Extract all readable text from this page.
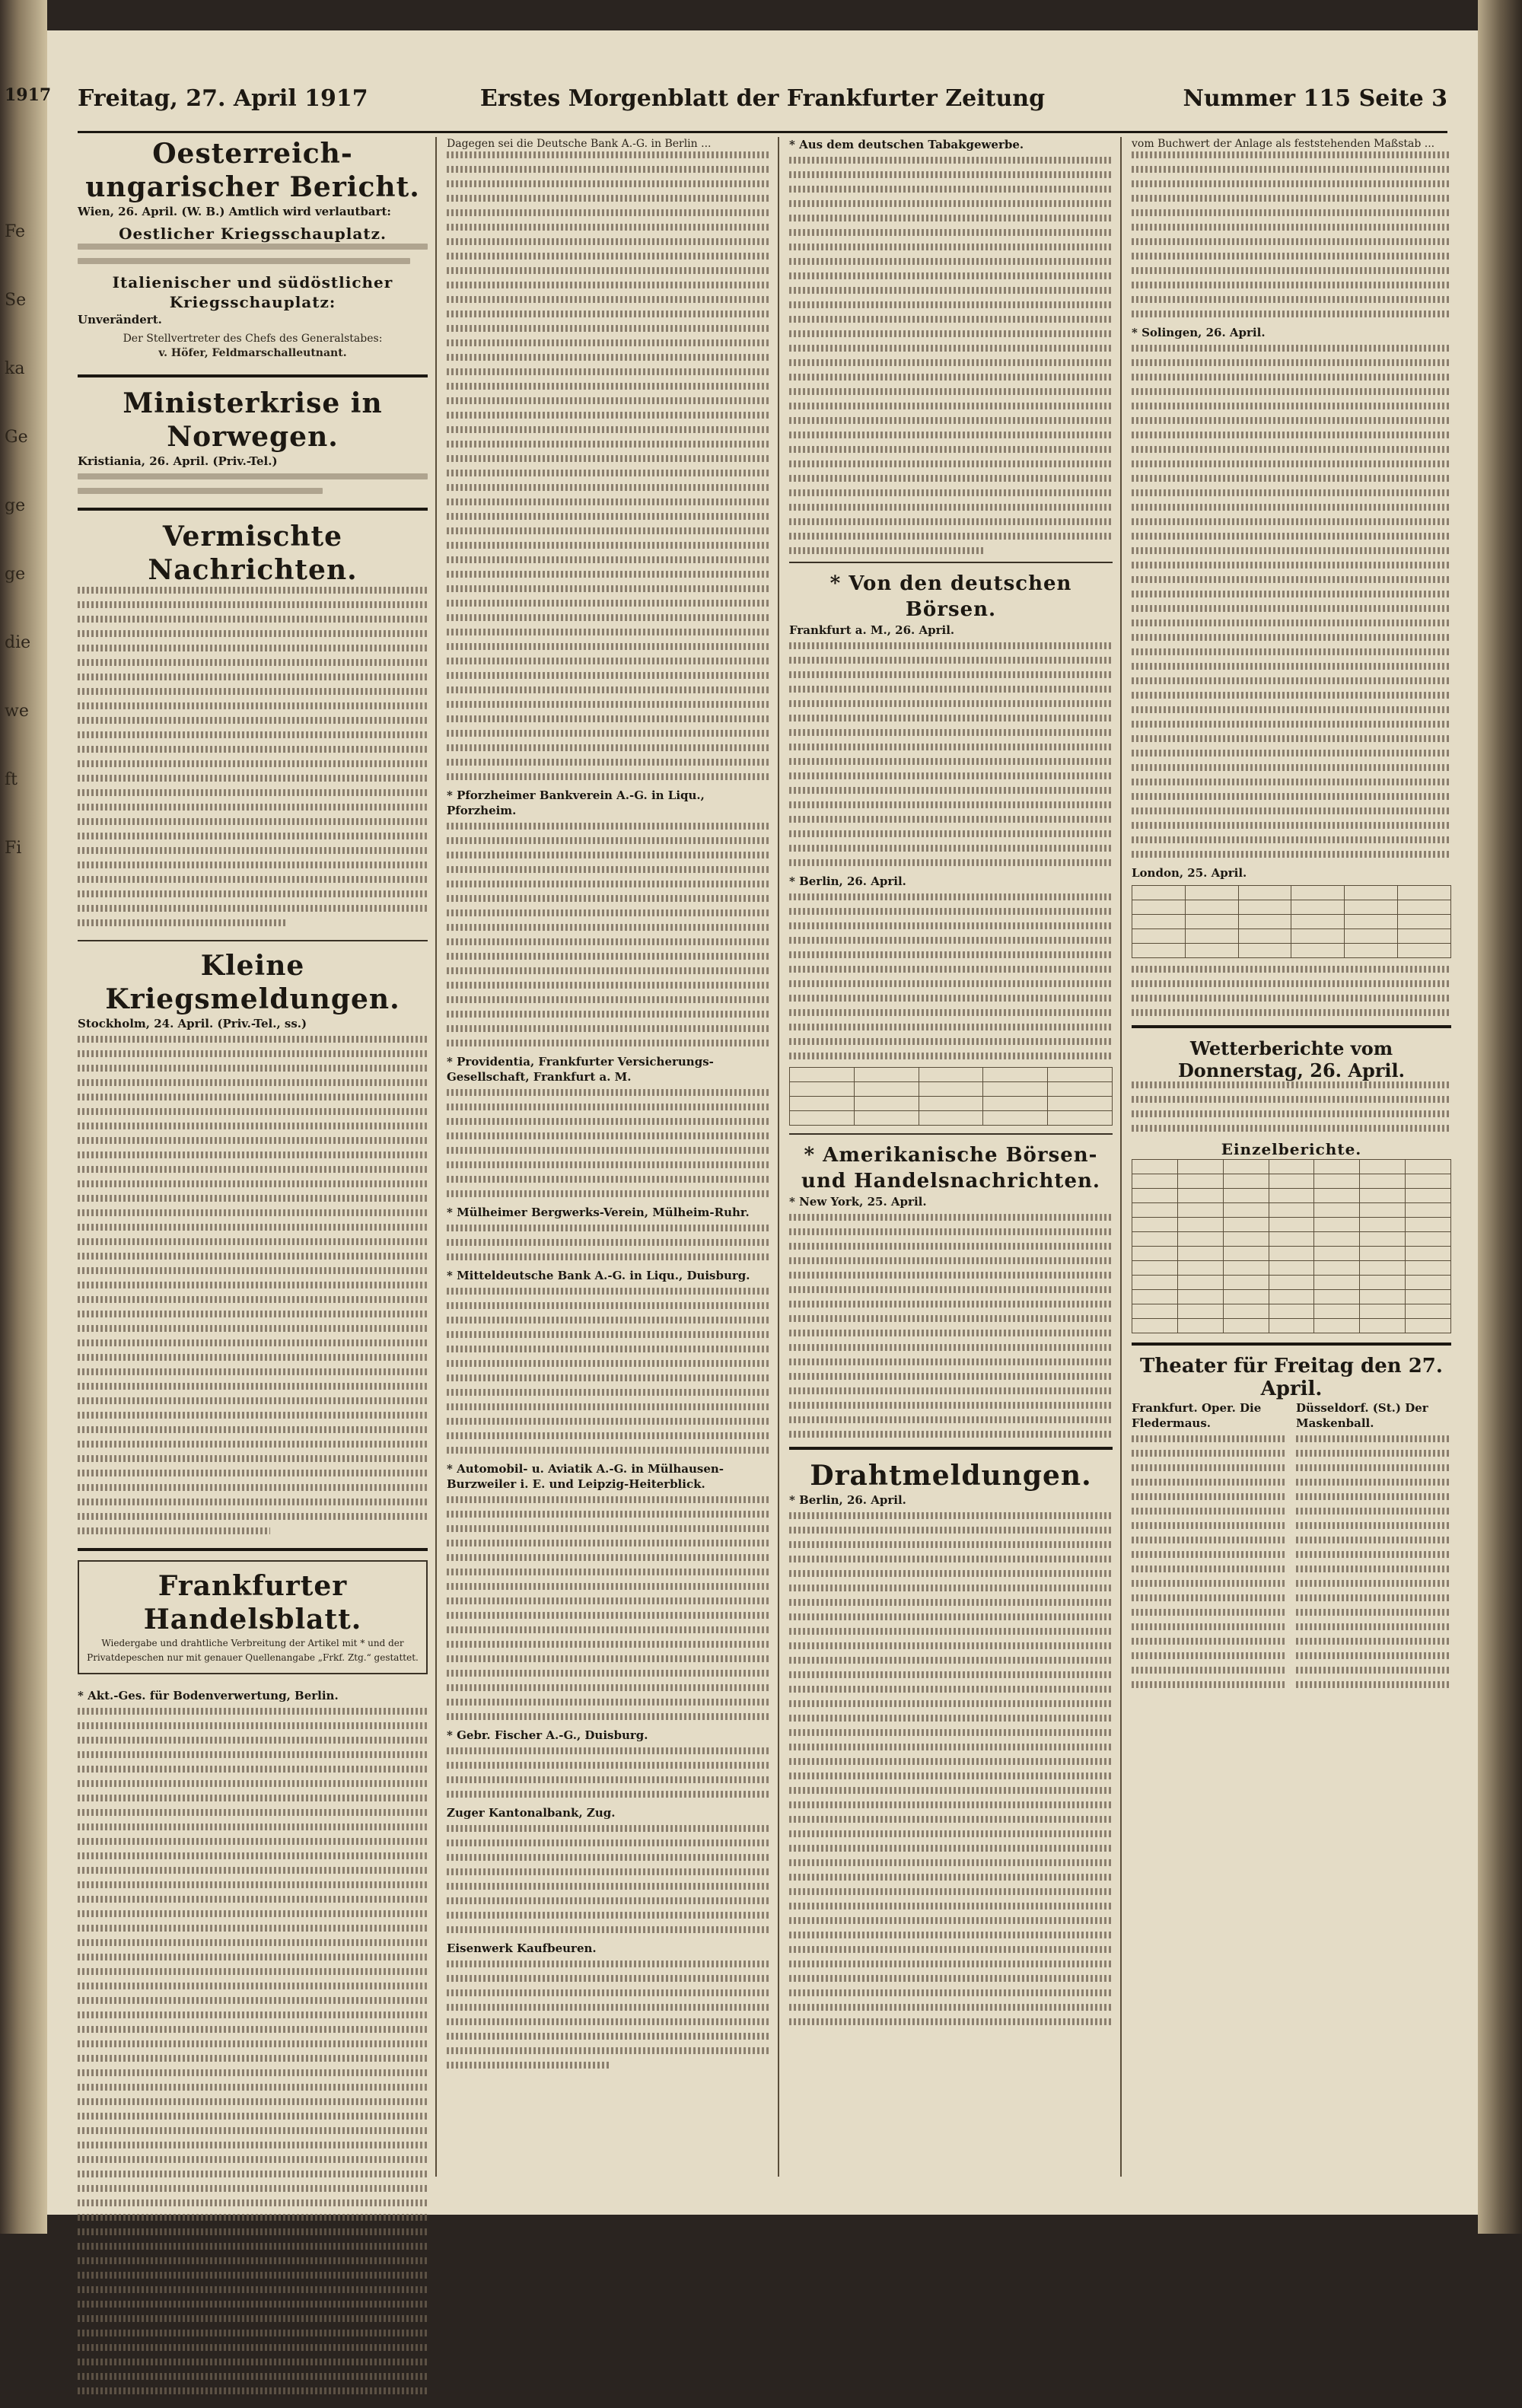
Fe

Se

ka

Ge

ge

ge

die

we

ft

Fi

1917 Freitag, 27. April 1917	Erstes Morgenblatt der Frankfurter Zeitung	Nummer 115 Seite 3
Oesterreich-ungarischer Bericht.
Wien, 26. April. (W. B.) Amtlich wird verlautbart:
Oestlicher Kriegsschauplatz.
Italienischer und südöstlicher Kriegsschauplatz:
Unverändert.
Der Stellvertreter des Chefs des Generalstabes:
v. Höfer, Feldmarschalleutnant.
Ministerkrise in Norwegen.
Kristiania, 26. April. (Priv.-Tel.)
Vermischte Nachrichten.
Kleine Kriegsmeldungen.
Stockholm, 24. April. (Priv.-Tel., ss.)
Frankfurter Handelsblatt.
Wiedergabe und drahtliche Verbreitung der Artikel mit * und der Privatdepeschen nur mit genauer Quellenangabe „Frkf. Ztg.“ gestattet.
* Akt.-Ges. für Bodenverwertung, Berlin.
Dagegen sei die Deutsche Bank A.-G. in Berlin ...
* Pforzheimer Bankverein A.-G. in Liqu., Pforzheim.
* Providentia, Frankfurter Versicherungs-Gesellschaft, Frankfurt a. M.
* Mülheimer Bergwerks-Verein, Mülheim-Ruhr.
* Mitteldeutsche Bank A.-G. in Liqu., Duisburg.
* Automobil- u. Aviatik A.-G. in Mülhausen-Burzweiler i. E. und Leipzig-Heiterblick.
* Gebr. Fischer A.-G., Duisburg.
Zuger Kantonalbank, Zug.
Eisenwerk Kaufbeuren.
* Aus dem deutschen Tabakgewerbe.
* Von den deutschen Börsen.
Frankfurt a. M., 26. April.
* Berlin, 26. April.

* Amerikanische Börsen- und Handelsnachrichten.
* New York, 25. April.
Drahtmeldungen.
* Berlin, 26. April.
vom Buchwert der Anlage als feststehenden Maßstab ...
* Solingen, 26. April.
London, 25. April.

Wetterberichte vom Donnerstag, 26. April.
Einzelberichte.

Theater für Freitag den 27. April.
Frankfurt. Oper. Die Fledermaus.
Düsseldorf. (St.) Der Maskenball.
